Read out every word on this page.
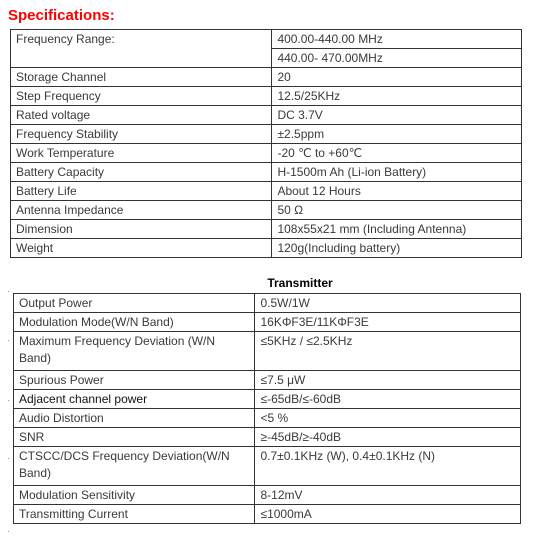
Specifications:
Frequency Range:	400.00-440.00 MHz
	440.00- 470.00MHz
Storage Channel	20
Step Frequency	12.5/25KHz
Rated voltage	DC 3.7V
Frequency Stability	±2.5ppm
Work Temperature	-20 ℃ to +60℃
Battery Capacity	H-1500m Ah (Li-ion Battery)
Battery Life	About 12 Hours
Antenna Impedance	50 Ω
Dimension	108x55x21 mm (Including Antenna)
Weight	120g(Including battery)
Transmitter
Output Power	0.5W/1W
Modulation Mode(W/N Band)	16KΦF3E/11KΦF3E
Maximum Frequency Deviation (W/N Band)	≤5KHz / ≤2.5KHz
Spurious Power	≤7.5 μW
Adjacent channel power	≤-65dB/≤-60dB
Audio Distortion	<5 %
SNR	≥-45dB/≥-40dB
CTSCC/DCS Frequency Deviation(W/N Band)	0.7±0.1KHz (W), 0.4±0.1KHz (N)
Modulation Sensitivity	8-12mV
Transmitting Current	≤1000mA
